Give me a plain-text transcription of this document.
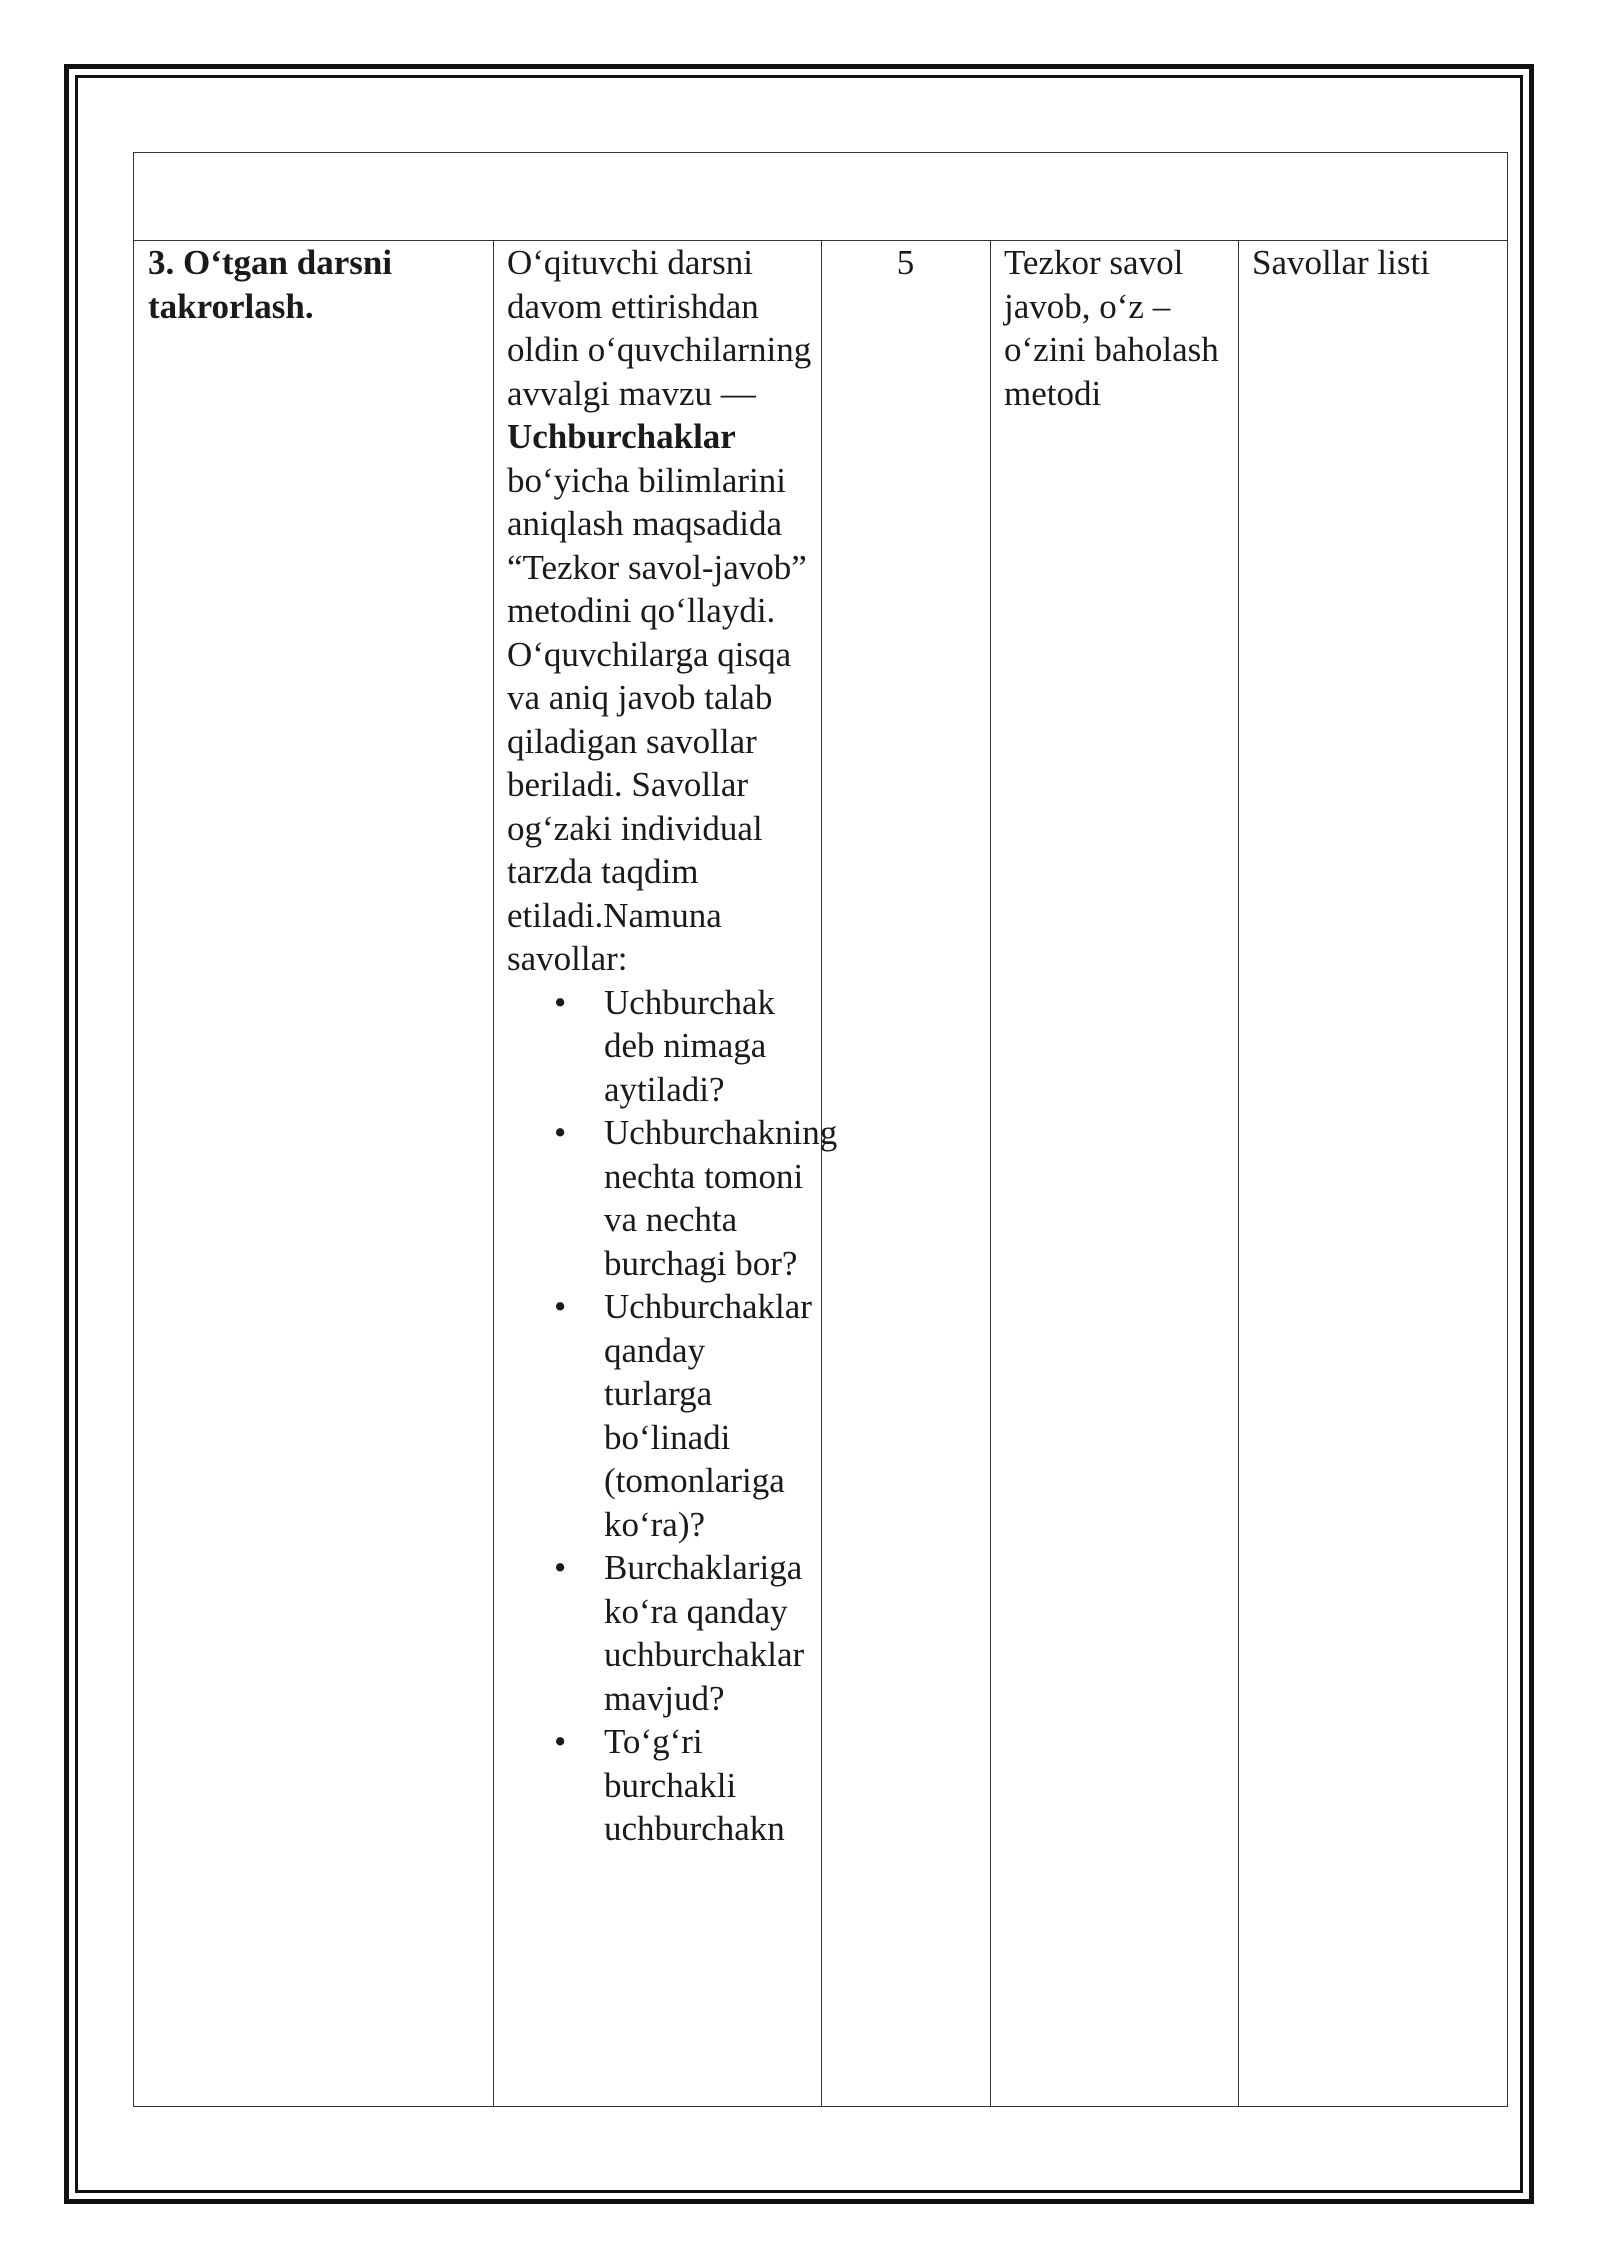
3. O‘tgan darsni takrorlash.

O‘qituvchi darsni davom ettirishdan oldin o‘quvchilarning avvalgi mavzu — Uchburchaklar bo‘yicha bilimlarini aniqlash maqsadida “Tezkor savol-javob” metodini qo‘llaydi. O‘quvchilarga qisqa va aniq javob talab qiladigan savollar beriladi. Savollar og‘zaki individual tarzda taqdim etiladi.Namuna savollar:

• Uchburchak deb nimaga aytiladi?
• Uchburchakning nechta tomoni va nechta burchagi bor?
• Uchburchaklar qanday turlarga bo‘linadi (tomonlariga ko‘ra)?
• Burchaklariga ko‘ra qanday uchburchaklar mavjud?
• To‘g‘ri burchakli uchburchakn
5	Tezkor savol javob, o‘z – o‘zini baholash metodi
Savollar listi
